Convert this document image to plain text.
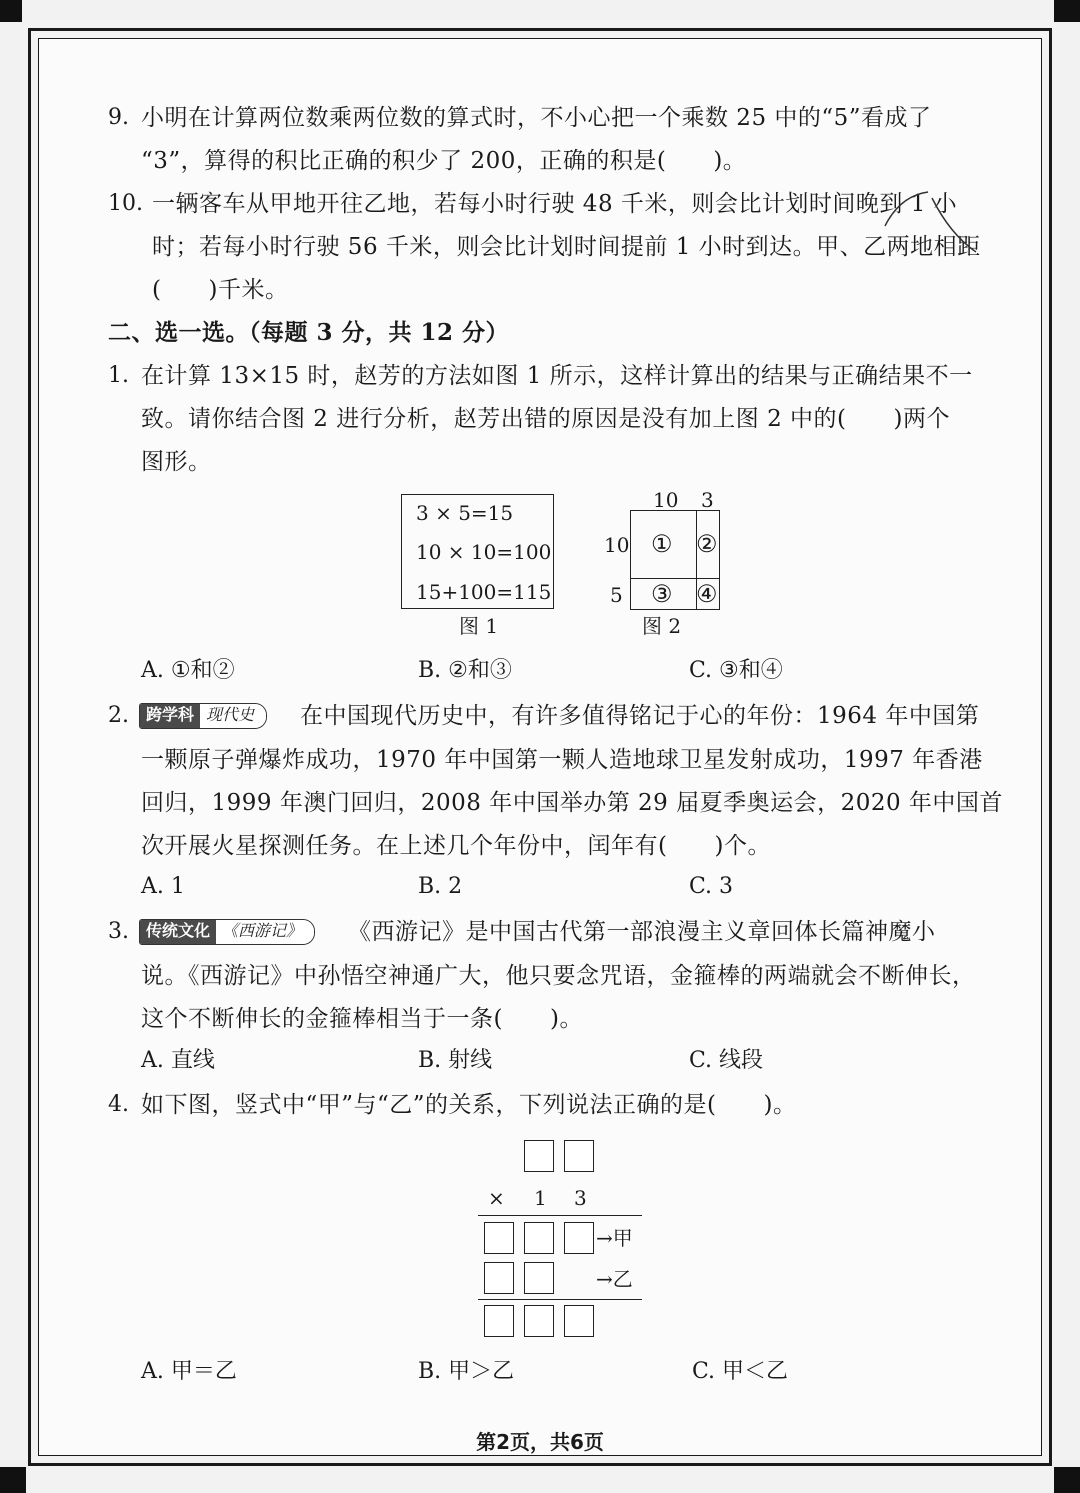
9. 小明在计算两位数乘两位数的算式时，不小心把一个乘数 25 中的“5”看成了
“3”，算得的积比正确的积少了 200，正确的积是(　　)。
10. 一辆客车从甲地开往乙地，若每小时行驶 48 千米，则会比计划时间晚到 1 小
时；若每小时行驶 56 千米，则会比计划时间提前 1 小时到达。甲、乙两地相距
(　　)千米。
二、选一选。（每题 3 分，共 12 分）
1. 在计算 13×15 时，赵芳的方法如图 1 所示，这样计算出的结果与正确结果不一
致。请你结合图 2 进行分析，赵芳出错的原因是没有加上图 2 中的(　　)两个
图形。
3 × 5=15
10 × 10=100
15+100=115
图 1
10 3
10
5
① ②
③ ④
图 2
A. ①和②	B. ②和③	C. ③和④
2.	跨学科 现代史	在中国现代历史中，有许多值得铭记于心的年份：1964 年中国第
一颗原子弹爆炸成功，1970 年中国第一颗人造地球卫星发射成功，1997 年香港
回归，1999 年澳门回归，2008 年中国举办第 29 届夏季奥运会，2020 年中国首
次开展火星探测任务。在上述几个年份中，闰年有(　　)个。
A. 1	B. 2	C. 3
3.	传统文化 《西游记》	《西游记》是中国古代第一部浪漫主义章回体长篇神魔小
说。《西游记》中孙悟空神通广大，他只要念咒语，金箍棒的两端就会不断伸长，
这个不断伸长的金箍棒相当于一条(　　)。
A. 直线	B. 射线	C. 线段
4. 如下图，竖式中“甲”与“乙”的关系，下列说法正确的是(　　)。
× 1 3
→甲
→乙
A. 甲＝乙	B. 甲＞乙	C. 甲＜乙
第2页，共6页
